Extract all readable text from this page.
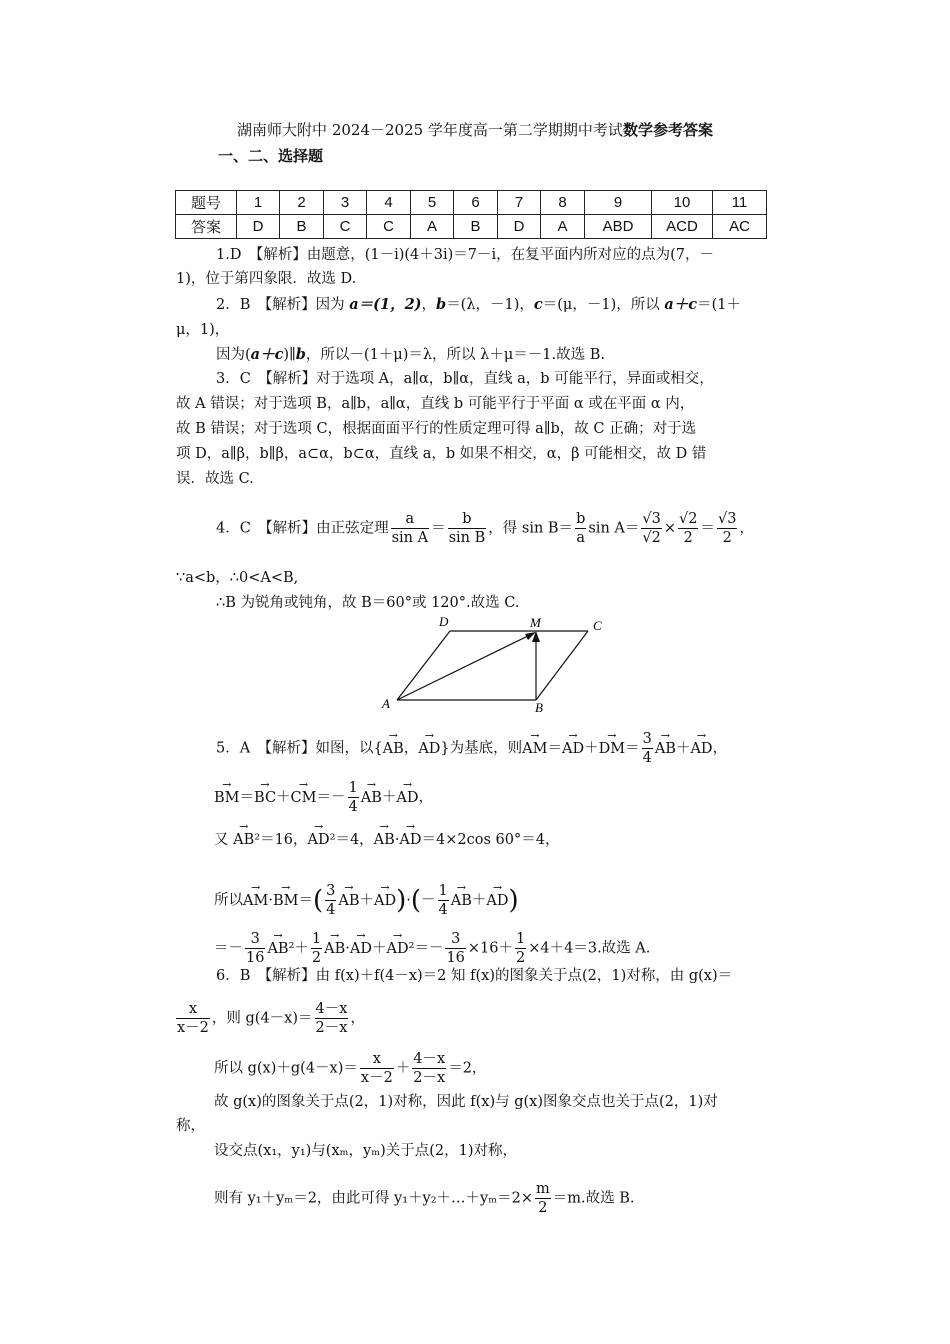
湖南师大附中 2024－2025 学年度高一第二学期期中考试数学参考答案
一、二、选择题
题号	1	2	3	4	5	6	7	8	9	10	11
答案	D	B	C	C	A	B	D	A	ABD	ACD	AC
1.D　【解析】由题意，(1－i)(4＋3i)＝7－i，在复平面内所对应的点为(7，－
1)，位于第四象限．故选 D.
2．B　【解析】因为 a＝(1，2)，b＝(λ，－1)，c＝(μ，－1)，所以 a＋c＝(1＋
μ，1)，
因为(a＋c)∥b，所以－(1＋μ)＝λ，所以 λ＋μ＝－1.故选 B.
3．C　【解析】对于选项 A，a∥α，b∥α，直线 a，b 可能平行，异面或相交，
故 A 错误；对于选项 B，a∥b，a∥α，直线 b 可能平行于平面 α 或在平面 α 内，
故 B 错误；对于选项 C，根据面面平行的性质定理可得 a∥b，故 C 正确；对于选
项 D，a∥β，b∥β，a⊂α，b⊂α，直线 a，b 如果不相交，α，β 可能相交，故 D 错
误．故选 C.
4．C　【解析】由正弦定理 $\frac{a}{\text{sin A}} = \frac{b}{\text{sin B}}$ ，得 $\sin B= \frac{b}{a}$ $\sin A= \frac{√3}{√2} \times \frac{√2}{2} = \frac{√3}{2}$ ，
∵a<b，∴0<A<B,
∴B 为锐角或钝角，故 B＝60°或 120°.故选 C.
D	M	C
A	B
5．A　【解析】如图，以{→ AB，→ AD}为基底，则→ $AM=\to AD+\to DM= \frac{3}{4} \to AB+\to$ AD，
→ $BM=\to BC+\to CM=- \frac{1}{4} \to AB+\to$ AD，
又 → AB²＝16，→ AD²＝4，→ AB·→ AD＝4×2cos 60°＝4，
所以→ $AM\cdot\to BM=( \frac{3}{4} \to AB+\to AD)\cdot(- \frac{1}{4} \to AB+\to AD)$
＝－ $\frac{3}{16} \to AB^2+ \frac{1}{2} \to AB\cdot\to AD+\to AD^2=- \frac{3}{16} \times 16+ \frac{1}{2} \times 4+4=3$.故选 A.
6．B　【解析】由 f(x)＋f(4－x)＝2 知 f(x)的图象关于点(2，1)对称，由 g(x)＝
$\frac{x}{x-2}$ ，则 $g(4-x)= \frac{4-x}{2-x}$ ，
所以 $g(x)+g(4-x)= \frac{x}{x-2} + \frac{4-x}{2-x} =2$，
故 g(x)的图象关于点(2，1)对称，因此 f(x)与 g(x)图象交点也关于点(2，1)对
称，
设交点(x₁，y₁)与(xₘ，yₘ)关于点(2，1)对称，
则有 y₁＋yₘ＝2，由此可得 y₁＋y₂＋…＋yₘ＝2× $\frac{m}{2} =m$.故选 B.
